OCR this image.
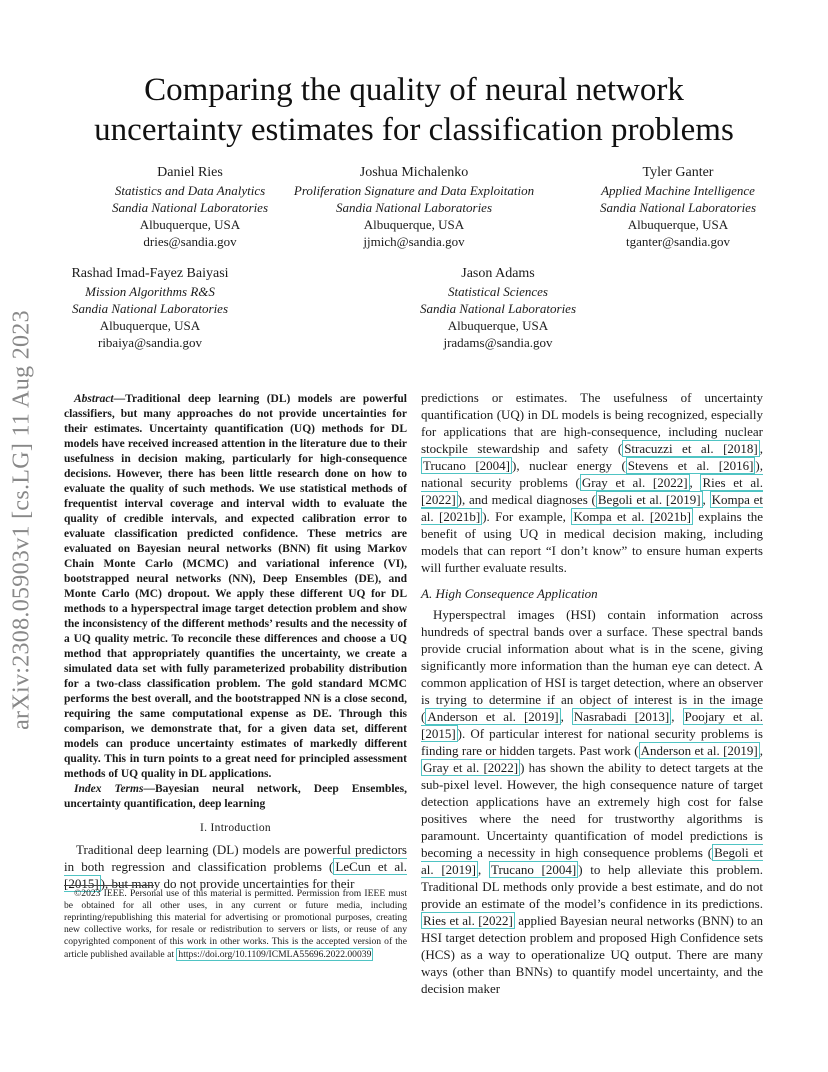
arXiv:2308.05903v1 [cs.LG] 11 Aug 2023
Comparing the quality of neural network
uncertainty estimates for classification problems
Daniel Ries
Statistics and Data Analytics
Sandia National Laboratories
Albuquerque, USA
dries@sandia.gov
Joshua Michalenko
Proliferation Signature and Data Exploitation
Sandia National Laboratories
Albuquerque, USA
jjmich@sandia.gov
Tyler Ganter
Applied Machine Intelligence
Sandia National Laboratories
Albuquerque, USA
tganter@sandia.gov
Rashad Imad-Fayez Baiyasi
Mission Algorithms R&S
Sandia National Laboratories
Albuquerque, USA
ribaiya@sandia.gov
Jason Adams
Statistical Sciences
Sandia National Laboratories
Albuquerque, USA
jradams@sandia.gov

Abstract—Traditional deep learning (DL) models are powerful classifiers, but many approaches do not provide uncertainties for their estimates. Uncertainty quantification (UQ) methods for DL models have received increased attention in the literature due to their usefulness in decision making, particularly for high-consequence decisions. However, there has been little research done on how to evaluate the quality of such methods. We use statistical methods of frequentist interval coverage and interval width to evaluate the quality of credible intervals, and expected calibration error to evaluate classification predicted confidence. These metrics are evaluated on Bayesian neural networks (BNN) fit using Markov Chain Monte Carlo (MCMC) and variational inference (VI), bootstrapped neural networks (NN), Deep Ensembles (DE), and Monte Carlo (MC) dropout. We apply these different UQ for DL methods to a hyperspectral image target detection problem and show the inconsistency of the different methods’ results and the necessity of a UQ quality metric. To reconcile these differences and choose a UQ method that appropriately quantifies the uncertainty, we create a simulated data set with fully parameterized probability distribution for a two-class classification problem. The gold standard MCMC performs the best overall, and the bootstrapped NN is a close second, requiring the same computational expense as DE. Through this comparison, we demonstrate that, for a given data set, different models can produce uncertainty estimates of markedly different quality. This in turn points to a great need for principled assessment methods of UQ quality in DL applications.

Index Terms—Bayesian neural network, Deep Ensembles, uncertainty quantification, deep learning

I. Introduction

Traditional deep learning (DL) models are powerful predictors in both regression and classification problems ( LeCun et al. [2015] ), but many do not provide uncertainties for their

©2023 IEEE. Personal use of this material is permitted. Permission from IEEE must be obtained for all other uses, in any current or future media, including reprinting/republishing this material for advertising or promotional purposes, creating new collective works, for resale or redistribution to servers or lists, or reuse of any copyrighted component of this work in other works. This is the accepted version of the article published available at https://doi.org/10.1109/ICMLA55696.2022.00039

predictions or estimates. The usefulness of uncertainty quantification (UQ) in DL models is being recognized, especially for applications that are high-consequence, including nuclear stockpile stewardship and safety ( Stracuzzi et al. [2018] , Trucano [2004] ), nuclear energy ( Stevens et al. [2016] ), national security problems ( Gray et al. [2022] , Ries et al. [2022] ), and medical diagnoses ( Begoli et al. [2019] , Kompa et al. [2021b] ). For example, Kompa et al. [2021b] explains the benefit of using UQ in medical decision making, including models that can report “I don’t know” to ensure human experts will further evaluate results.

A. High Consequence Application

Hyperspectral images (HSI) contain information across hundreds of spectral bands over a surface. These spectral bands provide crucial information about what is in the scene, giving significantly more information than the human eye can detect. A common application of HSI is target detection, where an observer is trying to determine if an object of interest is in the image ( Anderson et al. [2019] , Nasrabadi [2013] , Poojary et al. [2015] ). Of particular interest for national security problems is finding rare or hidden targets. Past work ( Anderson et al. [2019] , Gray et al. [2022] ) has shown the ability to detect targets at the sub-pixel level. However, the high consequence nature of target detection applications have an extremely high cost for false positives where the need for trustworthy algorithms is paramount. Uncertainty quantification of model predictions is becoming a necessity in high consequence problems ( Begoli et al. [2019] , Trucano [2004] ) to help alleviate this problem. Traditional DL methods only provide a best estimate, and do not provide an estimate of the model’s confidence in its predictions. Ries et al. [2022] applied Bayesian neural networks (BNN) to an HSI target detection problem and proposed High Confidence sets (HCS) as a way to operationalize UQ output. There are many ways (other than BNNs) to quantify model uncertainty, and the decision maker
